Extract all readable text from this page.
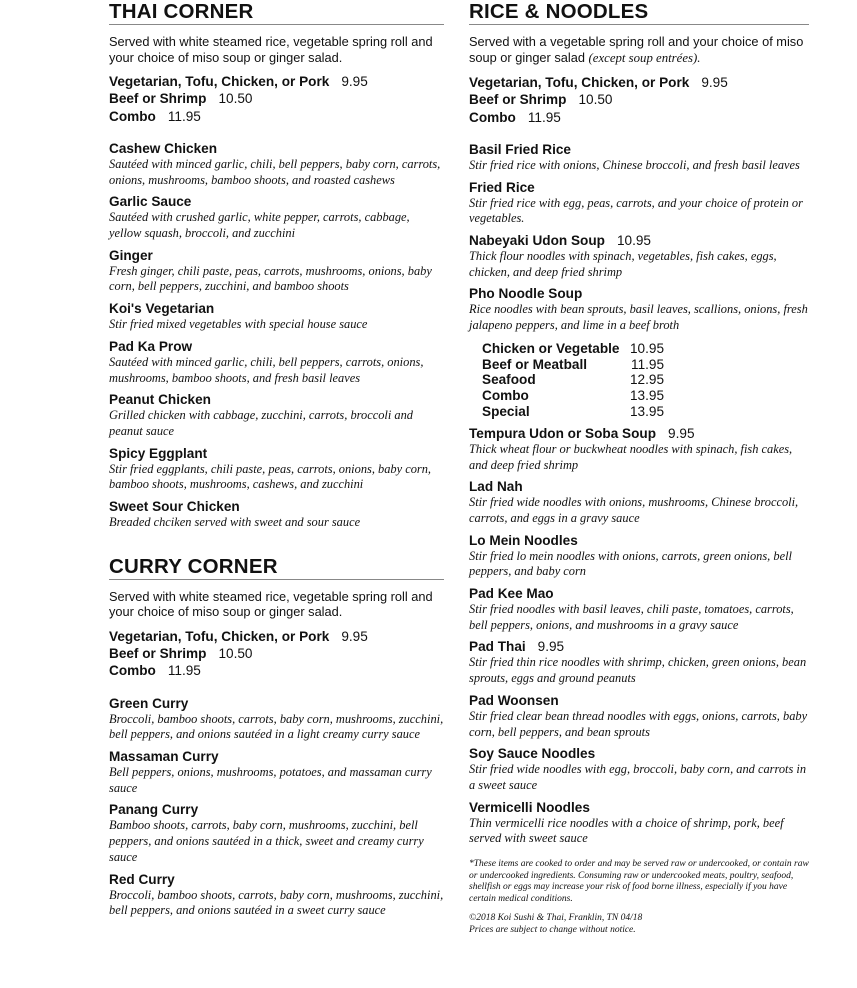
THAI CORNER

Served with white steamed rice, vegetable spring roll and your choice of miso soup or ginger salad.

Vegetarian, Tofu, Chicken, or Pork 9.95
Beef or Shrimp 10.50
Combo 11.95
Cashew Chicken
Sautéed with minced garlic, chili, bell peppers, baby corn, carrots, onions, mushrooms, bamboo shoots, and roasted cashews
Garlic Sauce
Sautéed with crushed garlic, white pepper, carrots, cabbage, yellow squash, broccoli, and zucchini
Ginger
Fresh ginger, chili paste, peas, carrots, mushrooms, onions, baby corn, bell peppers, zucchini, and bamboo shoots
Koi's Vegetarian
Stir fried mixed vegetables with special house sauce
Pad Ka Prow
Sautéed with minced garlic, chili, bell peppers, carrots, onions, mushrooms, bamboo shoots, and fresh basil leaves
Peanut Chicken
Grilled chicken with cabbage, zucchini, carrots, broccoli and peanut sauce
Spicy Eggplant
Stir fried eggplants, chili paste, peas, carrots, onions, baby corn, bamboo shoots, mushrooms, cashews, and zucchini
Sweet Sour Chicken
Breaded chciken served with sweet and sour sauce
CURRY CORNER

Served with white steamed rice, vegetable spring roll and your choice of miso soup or ginger salad.

Vegetarian, Tofu, Chicken, or Pork 9.95
Beef or Shrimp 10.50
Combo 11.95
Green Curry
Broccoli, bamboo shoots, carrots, baby corn, mushrooms, zucchini, bell peppers, and onions sautéed in a light creamy curry sauce
Massaman Curry
Bell peppers, onions, mushrooms, potatoes, and massaman curry sauce
Panang Curry
Bamboo shoots, carrots, baby corn, mushrooms, zucchini, bell peppers, and onions sautéed in a thick, sweet and creamy curry sauce
Red Curry
Broccoli, bamboo shoots, carrots, baby corn, mushrooms, zucchini, bell peppers, and onions sautéed in a sweet curry sauce
RICE & NOODLES

Served with a vegetable spring roll and your choice of miso soup or ginger salad (except soup entrées).

Vegetarian, Tofu, Chicken, or Pork 9.95
Beef or Shrimp 10.50
Combo 11.95
Basil Fried Rice
Stir fried rice with onions, Chinese broccoli, and fresh basil leaves
Fried Rice
Stir fried rice with egg, peas, carrots, and your choice of protein or vegetables.
Nabeyaki Udon Soup 10.95
Thick flour noodles with spinach, vegetables, fish cakes, eggs, chicken, and deep fried shrimp
Pho Noodle Soup
Rice noodles with bean sprouts, basil leaves, scallions, onions, fresh jalapeno peppers, and lime in a beef broth
Chicken or Vegetable	10.95
Beef or Meatball	11.95
Seafood	12.95
Combo	13.95
Special	13.95
Tempura Udon or Soba Soup 9.95
Thick wheat flour or buckwheat noodles with spinach, fish cakes, and deep fried shrimp
Lad Nah
Stir fried wide noodles with onions, mushrooms, Chinese broccoli, carrots, and eggs in a gravy sauce
Lo Mein Noodles
Stir fried lo mein noodles with onions, carrots, green onions, bell peppers, and baby corn
Pad Kee Mao
Stir fried noodles with basil leaves, chili paste, tomatoes, carrots, bell peppers, onions, and mushrooms in a gravy sauce
Pad Thai 9.95
Stir fried thin rice noodles with shrimp, chicken, green onions, bean sprouts, eggs and ground peanuts
Pad Woonsen
Stir fried clear bean thread noodles with eggs, onions, carrots, baby corn, bell peppers, and bean sprouts
Soy Sauce Noodles
Stir fried wide noodles with egg, broccoli, baby corn, and carrots in a sweet sauce
Vermicelli Noodles
Thin vermicelli rice noodles with a choice of shrimp, pork, beef served with sweet sauce
*These items are cooked to order and may be served raw or undercooked, or contain raw or undercooked ingredients. Consuming raw or undercooked meats, poultry, seafood, shellfish or eggs may increase your risk of food borne illness, especially if you have certain medical conditions.
©2018 Koi Sushi & Thai, Franklin, TN 04/18
Prices are subject to change without notice.
